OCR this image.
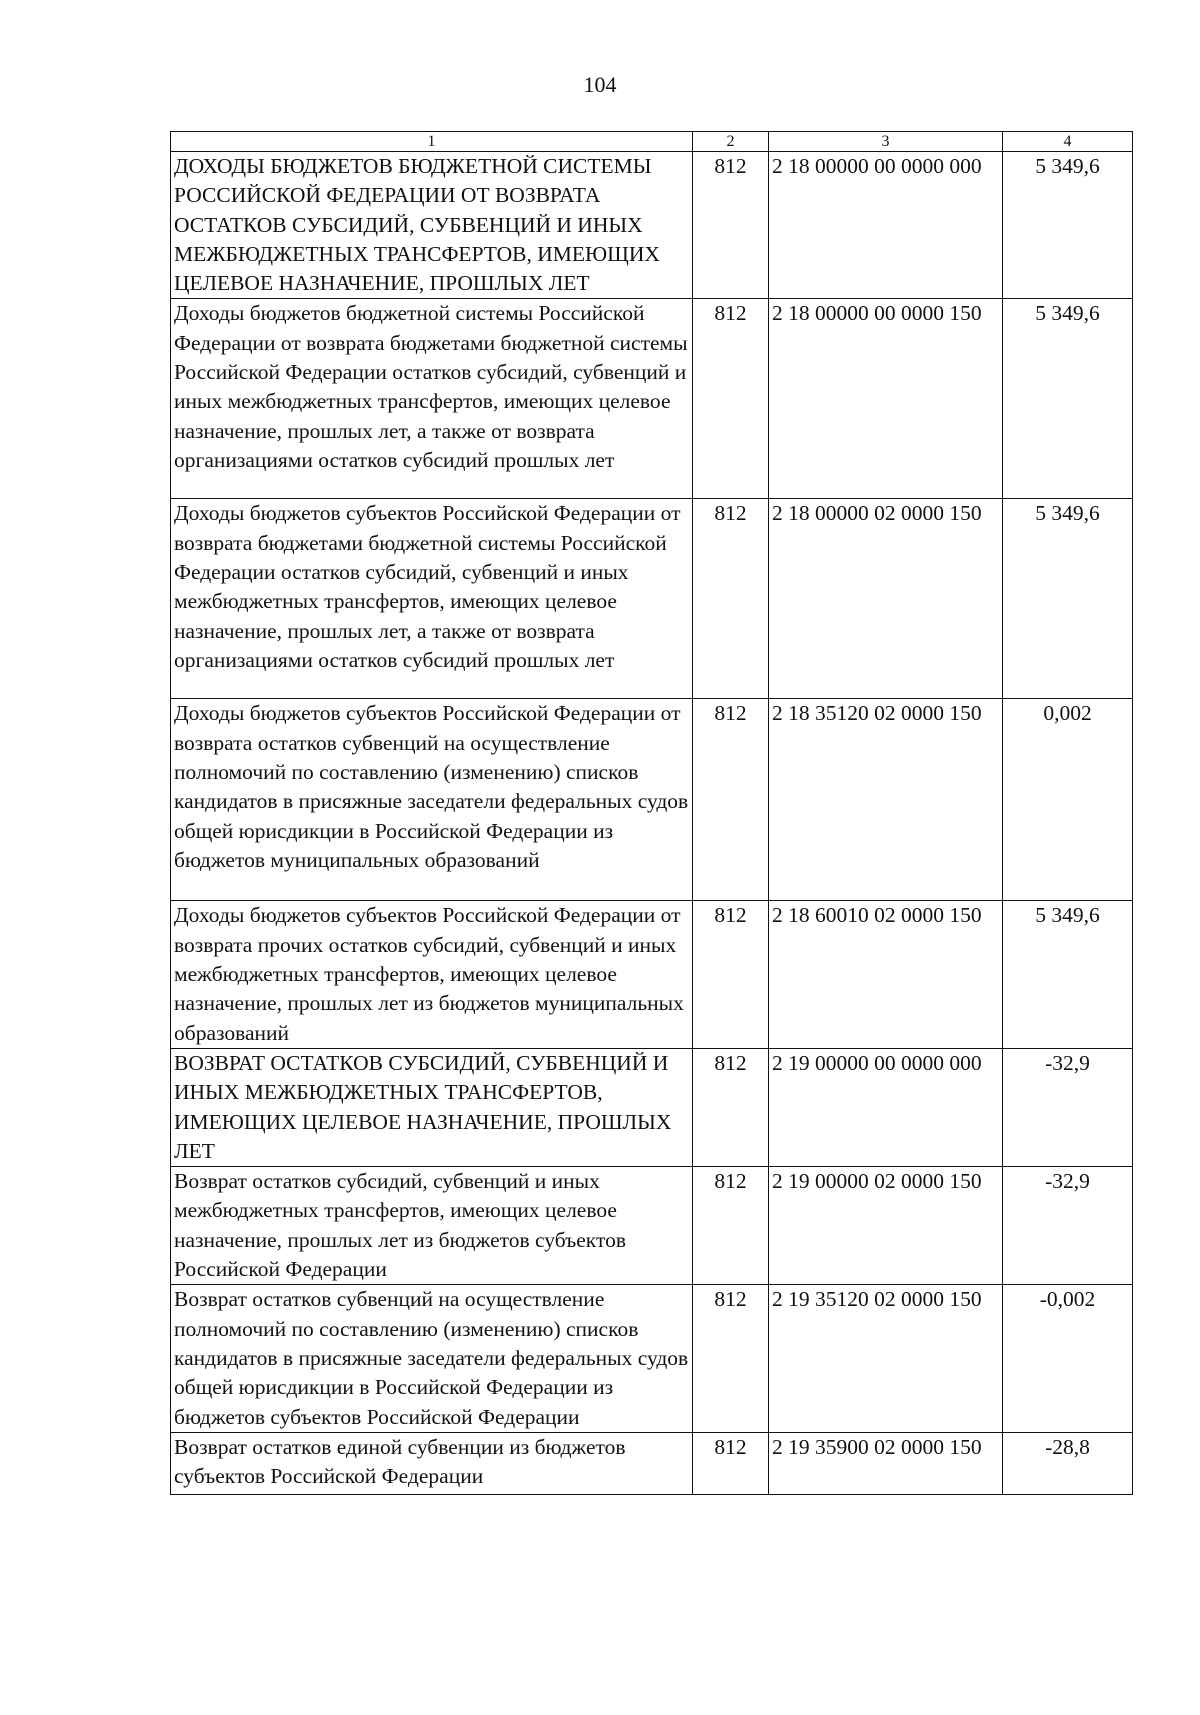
104
1	2	3	4
ДОХОДЫ БЮДЖЕТОВ БЮДЖЕТНОЙ СИСТЕМЫ РОССИЙСКОЙ ФЕДЕРАЦИИ ОТ ВОЗВРАТА ОСТАТКОВ СУБСИДИЙ, СУБВЕНЦИЙ И ИНЫХ МЕЖБЮДЖЕТНЫХ ТРАНСФЕРТОВ, ИМЕЮЩИХ ЦЕЛЕВОЕ НАЗНАЧЕНИЕ, ПРОШЛЫХ ЛЕТ	812	2 18 00000 00 0000 000	5 349,6
Доходы бюджетов бюджетной системы Российской Федерации от возврата бюджетами бюджетной системы Российской Федерации остатков субсидий, субвенций и иных межбюджетных трансфертов, имеющих целевое назначение, прошлых лет, а также от возврата организациями остатков субсидий прошлых лет	812	2 18 00000 00 0000 150	5 349,6
Доходы бюджетов субъектов Российской Федерации от возврата бюджетами бюджетной системы Российской Федерации остатков субсидий, субвенций и иных межбюджетных трансфертов, имеющих целевое назначение, прошлых лет, а также от возврата организациями остатков субсидий прошлых лет	812	2 18 00000 02 0000 150	5 349,6
Доходы бюджетов субъектов Российской Федерации от возврата остатков субвенций на осуществление полномочий по составлению (изменению) списков кандидатов в присяжные заседатели федеральных судов общей юрисдикции в Российской Федерации из бюджетов муниципальных образований	812	2 18 35120 02 0000 150	0,002
Доходы бюджетов субъектов Российской Федерации от возврата прочих остатков субсидий, субвенций и иных межбюджетных трансфертов, имеющих целевое назначение, прошлых лет из бюджетов муниципальных образований	812	2 18 60010 02 0000 150	5 349,6
ВОЗВРАТ ОСТАТКОВ СУБСИДИЙ, СУБВЕНЦИЙ И ИНЫХ МЕЖБЮДЖЕТНЫХ ТРАНСФЕРТОВ, ИМЕЮЩИХ ЦЕЛЕВОЕ НАЗНАЧЕНИЕ, ПРОШЛЫХ ЛЕТ	812	2 19 00000 00 0000 000	-32,9
Возврат остатков субсидий, субвенций и иных межбюджетных трансфертов, имеющих целевое назначение, прошлых лет из бюджетов субъектов Российской Федерации	812	2 19 00000 02 0000 150	-32,9
Возврат остатков субвенций на осуществление полномочий по составлению (изменению) списков кандидатов в присяжные заседатели федеральных судов общей юрисдикции в Российской Федерации из бюджетов субъектов Российской Федерации	812	2 19 35120 02 0000 150	-0,002
Возврат остатков единой субвенции из бюджетов субъектов Российской Федерации	812	2 19 35900 02 0000 150	-28,8
